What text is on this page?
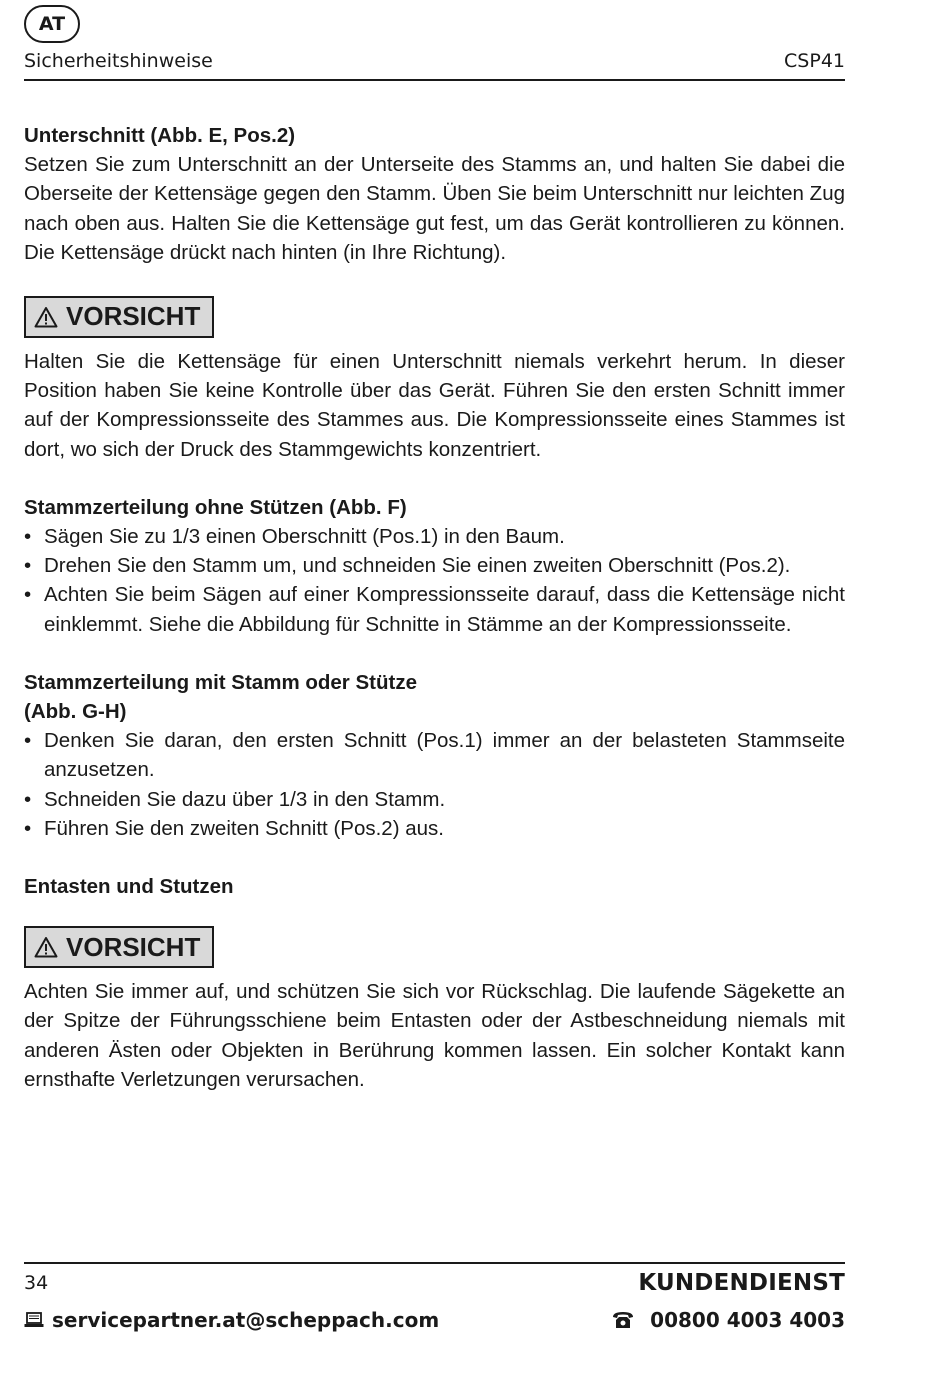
AT
Sicherheitshinweise	CSP41

Unterschnitt (Abb. E, Pos.2)

Setzen Sie zum Unterschnitt an der Unterseite des Stamms an, und halten Sie dabei die Oberseite der Kettensäge gegen den Stamm. Üben Sie beim Unterschnitt nur leichten Zug nach oben aus. Halten Sie die Kettensäge gut fest, um das Gerät kontrollieren zu können. Die Kettensäge drückt nach hinten (in Ihre Richtung).

VORSICHT

Halten Sie die Kettensäge für einen Unterschnitt niemals verkehrt herum. In dieser Position haben Sie keine Kontrolle über das Gerät. Führen Sie den ersten Schnitt immer auf der Kompressionsseite des Stammes aus. Die Kompressionsseite eines Stammes ist dort, wo sich der Druck des Stammgewichts konzentriert.

Stammzerteilung ohne Stützen (Abb. F)

• Sägen Sie zu 1/3 einen Oberschnitt (Pos.1) in den Baum.
• Drehen Sie den Stamm um, und schneiden Sie einen zweiten Oberschnitt (Pos.2).
• Achten Sie beim Sägen auf einer Kompressionsseite darauf, dass die Kettensäge nicht einklemmt. Siehe die Abbildung für Schnitte in Stämme an der Kompressionsseite.

Stammzerteilung mit Stamm oder Stütze

(Abb. G-H)

• Denken Sie daran, den ersten Schnitt (Pos.1) immer an der belasteten Stammseite anzusetzen.
• Schneiden Sie dazu über 1/3 in den Stamm.
• Führen Sie den zweiten Schnitt (Pos.2) aus.

Entasten und Stutzen

VORSICHT

Achten Sie immer auf, und schützen Sie sich vor Rückschlag. Die laufende Sägekette an der Spitze der Führungsschiene beim Entasten oder der Astbeschneidung niemals mit anderen Ästen oder Objekten in Berührung kommen lassen. Ein solcher Kontakt kann ernsthafte Verletzungen verursachen.

34	KUNDENDIENST
servicepartner.at@scheppach.com	00800 4003 4003
